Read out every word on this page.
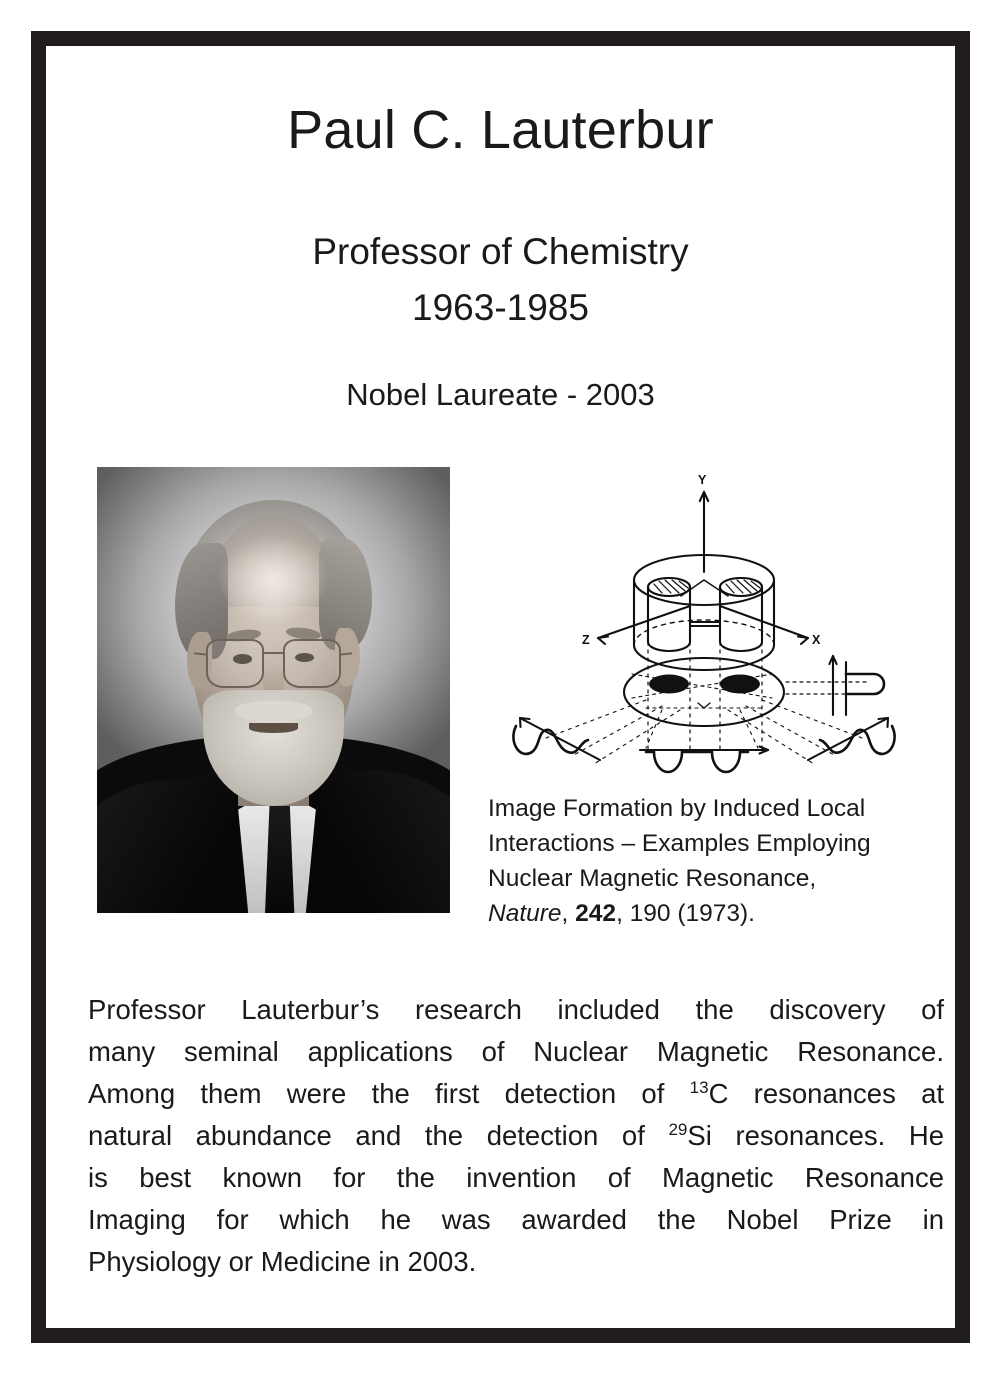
Paul C. Lauterbur
Professor of Chemistry
1963-1985
Nobel Laureate - 2003
Y
Z	X
Image Formation by Induced Local
Interactions – Examples Employing
Nuclear Magnetic Resonance,
Nature, 242, 190 (1973).
Professor Lauterbur’s research included the discovery of
many seminal applications of Nuclear Magnetic Resonance.
Among them were the first detection of $^{13}$C resonances at
natural abundance and the detection of $^{29}$Si resonances. He
is best known for the invention of Magnetic Resonance
Imaging for which he was awarded the Nobel Prize in
Physiology or Medicine in 2003.
